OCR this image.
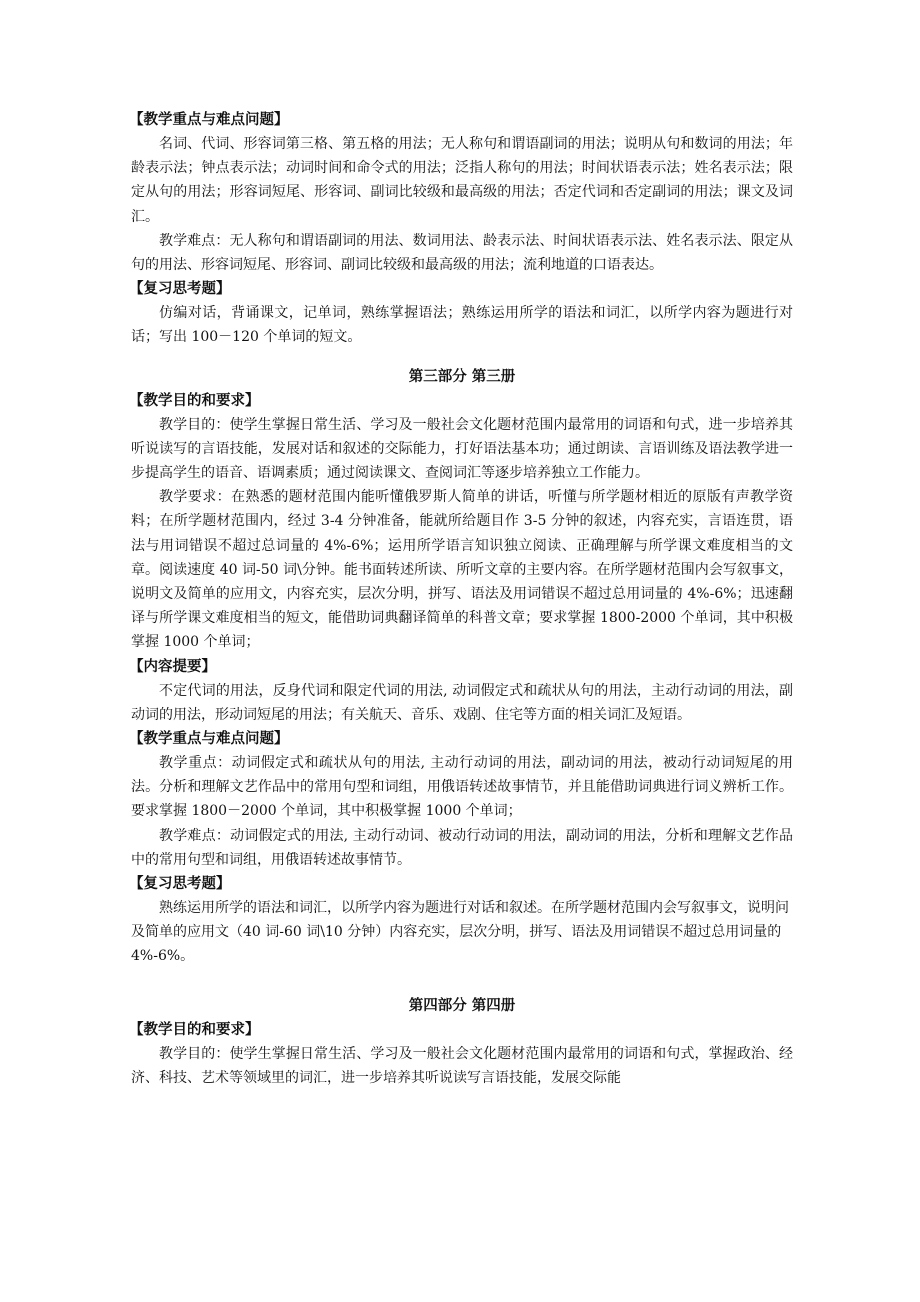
【教学重点与难点问题】
名词、代词、形容词第三格、第五格的用法；无人称句和谓语副词的用法；说明从句和数词的用法；年龄表示法；钟点表示法；动词时间和命令式的用法；泛指人称句的用法；时间状语表示法；姓名表示法；限定从句的用法；形容词短尾、形容词、副词比较级和最高级的用法；否定代词和否定副词的用法；课文及词汇。
教学难点：无人称句和谓语副词的用法、数词用法、龄表示法、时间状语表示法、姓名表示法、限定从句的用法、形容词短尾、形容词、副词比较级和最高级的用法；流利地道的口语表达。
【复习思考题】
仿编对话，背诵课文，记单词，熟练掌握语法；熟练运用所学的语法和词汇，以所学内容为题进行对话；写出 100－120 个单词的短文。
第三部分 第三册
【教学目的和要求】
教学目的：使学生掌握日常生活、学习及一般社会文化题材范围内最常用的词语和句式，进一步培养其听说读写的言语技能，发展对话和叙述的交际能力，打好语法基本功；通过朗读、言语训练及语法教学进一步提高学生的语音、语调素质；通过阅读课文、查阅词汇等逐步培养独立工作能力。
教学要求：在熟悉的题材范围内能听懂俄罗斯人简单的讲话，听懂与所学题材相近的原版有声教学资料；在所学题材范围内，经过 3-4 分钟准备，能就所给题目作 3-5 分钟的叙述，内容充实，言语连贯，语法与用词错误不超过总词量的 4%-6%；运用所学语言知识独立阅读、正确理解与所学课文难度相当的文章。阅读速度 40 词-50 词\分钟。能书面转述所读、所听文章的主要内容。在所学题材范围内会写叙事文，说明文及简单的应用文，内容充实，层次分明，拼写、语法及用词错误不超过总用词量的 4%-6%；迅速翻译与所学课文难度相当的短文，能借助词典翻译简单的科普文章；要求掌握 1800-2000 个单词，其中积极掌握 1000 个单词；
【内容提要】
不定代词的用法，反身代词和限定代词的用法, 动词假定式和疏状从句的用法，主动行动词的用法，副动词的用法，形动词短尾的用法；有关航天、音乐、戏剧、住宅等方面的相关词汇及短语。
【教学重点与难点问题】
教学重点：动词假定式和疏状从句的用法, 主动行动词的用法，副动词的用法，被动行动词短尾的用法。分析和理解文艺作品中的常用句型和词组，用俄语转述故事情节，并且能借助词典进行词义辨析工作。要求掌握 1800－2000 个单词，其中积极掌握 1000 个单词；
教学难点：动词假定式的用法, 主动行动词、被动行动词的用法，副动词的用法，分析和理解文艺作品中的常用句型和词组，用俄语转述故事情节。
【复习思考题】
熟练运用所学的语法和词汇，以所学内容为题进行对话和叙述。在所学题材范围内会写叙事文，说明问及简单的应用文（40 词-60 词\10 分钟）内容充实，层次分明，拼写、语法及用词错误不超过总用词量的 4%-6%。
第四部分 第四册
【教学目的和要求】
教学目的：使学生掌握日常生活、学习及一般社会文化题材范围内最常用的词语和句式，掌握政治、经济、科技、艺术等领域里的词汇，进一步培养其听说读写言语技能，发展交际能
